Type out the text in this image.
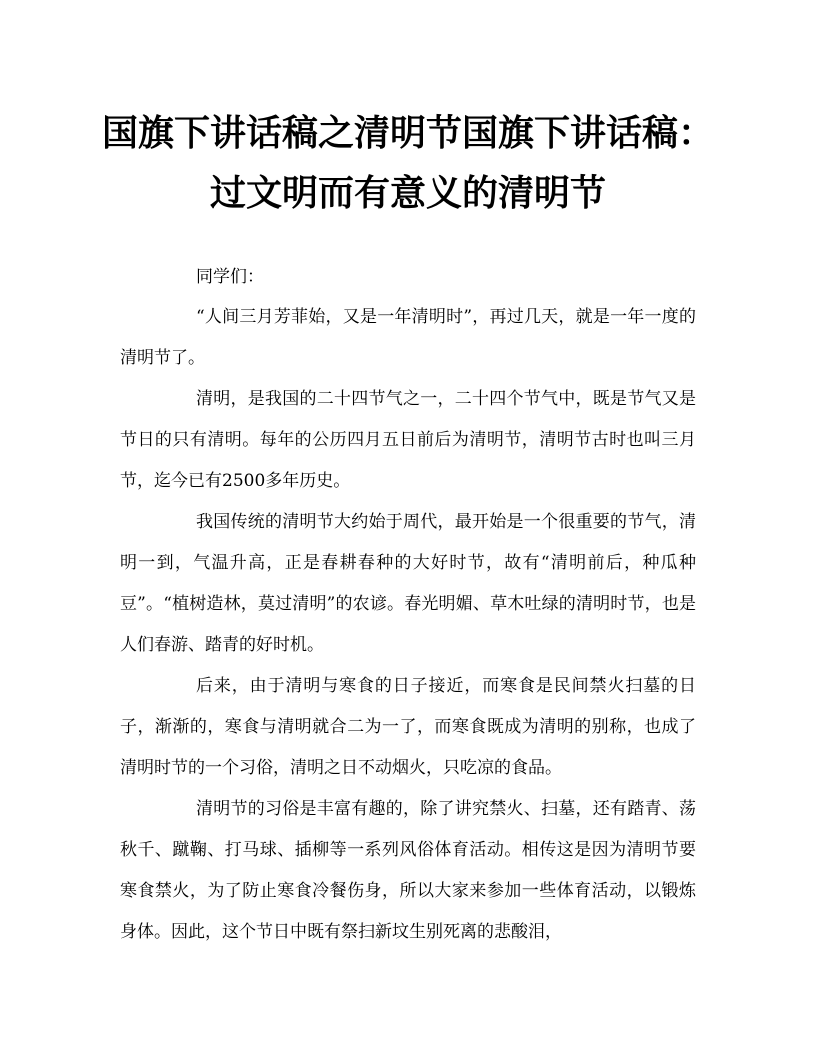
国旗下讲话稿之清明节国旗下讲话稿：
过文明而有意义的清明节

同学们：

“人间三月芳菲始，又是一年清明时”，再过几天，就是一年一度的清明节了。

清明，是我国的二十四节气之一，二十四个节气中，既是节气又是节日的只有清明。每年的公历四月五日前后为清明节，清明节古时也叫三月节，迄今已有2500多年历史。

我国传统的清明节大约始于周代，最开始是一个很重要的节气，清明一到，气温升高，正是春耕春种的大好时节，故有“清明前后，种瓜种豆”。“植树造林，莫过清明”的农谚。春光明媚、草木吐绿的清明时节，也是人们春游、踏青的好时机。

后来，由于清明与寒食的日子接近，而寒食是民间禁火扫墓的日子，渐渐的，寒食与清明就合二为一了，而寒食既成为清明的别称，也成了清明时节的一个习俗，清明之日不动烟火，只吃凉的食品。

清明节的习俗是丰富有趣的，除了讲究禁火、扫墓，还有踏青、荡秋千、蹴鞠、打马球、插柳等一系列风俗体育活动。相传这是因为清明节要寒食禁火，为了防止寒食冷餐伤身，所以大家来参加一些体育活动，以锻炼身体。因此，这个节日中既有祭扫新坟生别死离的悲酸泪，
